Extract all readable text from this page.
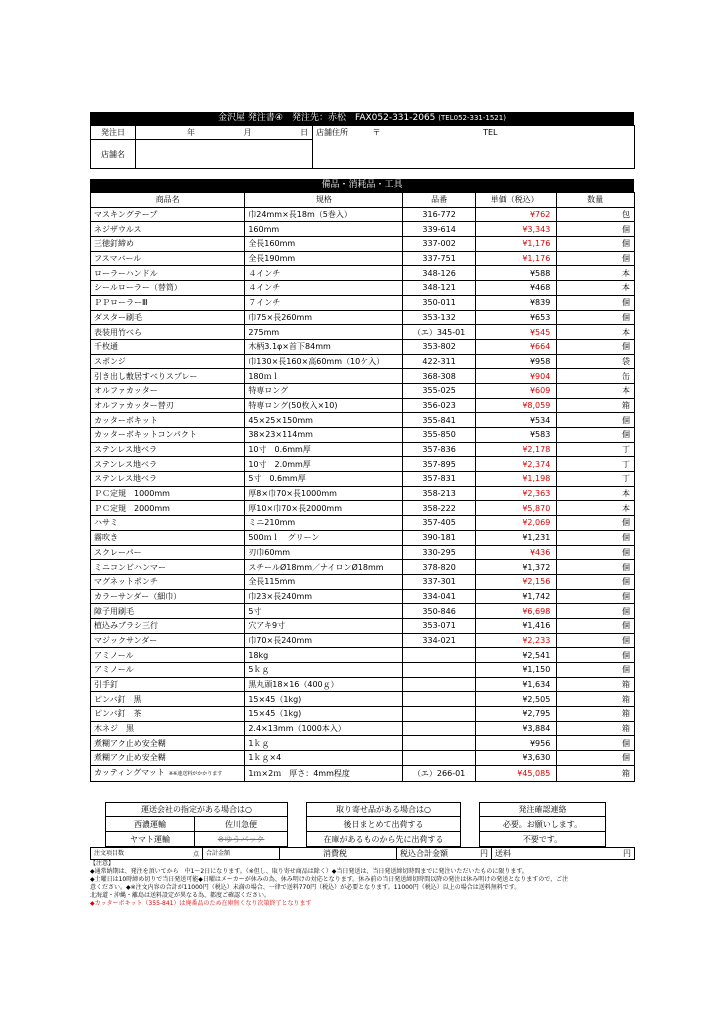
金沢屋 発注書④　発注先：赤松　FAX052-331-2065 (TEL052-331-1521)
発注日	年 月 日	店舗住所 〒 TEL
店舗名		
備品・消耗品・工具
商品名	規格	品番	単価（税込）	数量
マスキングテープ	巾24mm×長18m（5巻入）	316-772	¥762	包
ネジザウルス	160mm	339-614	¥3,343	個
三徳釘締め	全長160mm	337-002	¥1,176	個
フスマバール	全長190mm	337-751	¥1,176	個
ローラーハンドル	４インチ	348-126	¥588	本
シールローラー（替筒）	４インチ	348-121	¥468	本
ＰＰローラーⅢ	７インチ	350-011	¥839	個
ダスター刷毛	巾75×長260mm	353-132	¥653	個
表装用竹べら	275mm	（エ）345-01	¥545	本
千枚通	木柄3.1φ×首下84mm	353-802	¥664	個
スポンジ	巾130×長160×高60mm（10ケ入）	422-311	¥958	袋
引き出し敷居すべりスプレー	180ｍｌ	368-308	¥904	缶
オルファカッター	特専ロング	355-025	¥609	本
オルファカッター替刃	特専ロング(50枚入×10)	356-023	¥8,059	箱
カッターボキット	45×25×150mm	355-841	¥534	個
カッターボキットコンパクト	38×23×114mm	355-850	¥583	個
ステンレス地ベラ	10寸　0.6mm厚	357-836	¥2,178	丁
ステンレス地ベラ	10寸　2.0mm厚	357-895	¥2,374	丁
ステンレス地ベラ	5寸　0.6mm厚	357-831	¥1,198	丁
ＰＣ定規　1000mm	厚8×巾70×長1000mm	358-213	¥2,363	本
ＰＣ定規　2000mm	厚10×巾70×長2000mm	358-222	¥5,870	本
ハサミ	ミニ210mm	357-405	¥2,069	個
霧吹き	500ｍｌ　グリーン	390-181	¥1,231	個
スクレーパー	刃巾60mm	330-295	¥436	個
ミニコンビハンマー	スチールØ18mm／ナイロンØ18mm	378-820	¥1,372	個
マグネットポンチ	全長115mm	337-301	¥2,156	個
カラーサンダー（細巾）	巾23×長240mm	334-041	¥1,742	個
障子用刷毛	5寸	350-846	¥6,698	個
植込みブラシ三行	穴アキ9寸	353-071	¥1,416	個
マジックサンダー	巾70×長240mm	334-021	¥2,233	個
アミノール	18kg		¥2,541	個
アミノール	5ｋｇ		¥1,150	個
引手釘	黒丸頭18×16（400ｇ）		¥1,634	箱
ピンバ釘　黒	15×45（1kg)		¥2,505	箱
ピンバ釘　茶	15×45（1kg)		¥2,795	箱
木ネジ　黒	2.4×13mm（1000本入）		¥3,884	箱
煮糊アク止め安全糊	1ｋｇ		¥956	個
煮糊アク止め安全糊	1ｋｇ×4		¥3,630	個
カッティングマット ※※連送料がかかります	1ｍ×2ｍ　厚さ：4mm程度	（エ）266-01	¥45,085	箱
運送会社の指定がある場合は○	
西濃運輸	佐川急便
ヤマト運輸	※ゆうパック
取り寄せ品がある場合は○
後日まとめて出荷する
在庫があるものから先に出荷する
発注確認連絡
必要。お願いします。
不要です。
注文項目数	点	合計金額	消費税	税込合計金額	円	送料	円
【注意】
◆通常納期は、発注を頂いてから　中1～2日になります。（※但し、取り寄せ商品は除く）◆当日発送は、当日発送締切時間までに発注いただいたものに限ります。
◆土曜日は10時締め切りで当日発送可能◆日曜はメーカーが休みの為、休み明けの対応となります。休み前の当日発送締切時間以降の発注は休み明けの発送となりますので、ご注
意ください。◆※注文内容の合計が11000円（税込）未満の場合、一律で送料770円（税込）が必要となります。11000円（税込）以上の場合は送料無料です。
北海道・沖縄・離島は送料設定が異なる為、都度ご確認ください。
◆カッターボキット（355-841）は廃番品のため在庫無くなり次第終了となります
